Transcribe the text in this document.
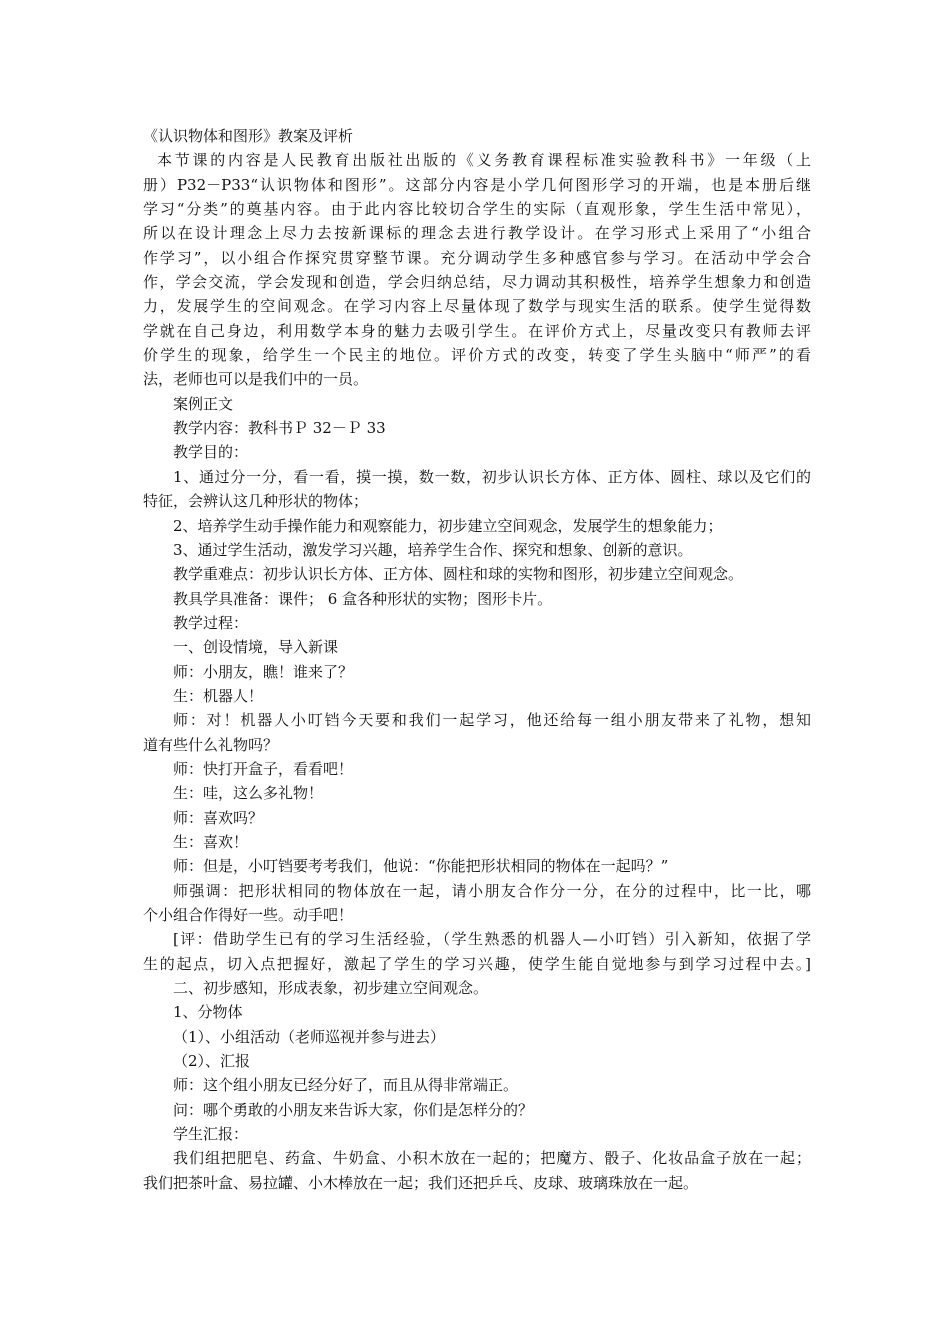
《认识物体和图形》教案及评析
本节课的内容是人民教育出版社出版的《义务教育课程标准实验教科书》一年级（上
册）P32－P33“认识物体和图形”。这部分内容是小学几何图形学习的开端，也是本册后继
学习“分类”的奠基内容。由于此内容比较切合学生的实际（直观形象，学生生活中常见），
所以在设计理念上尽力去按新课标的理念去进行教学设计。在学习形式上采用了“小组合
作学习”，以小组合作探究贯穿整节课。充分调动学生多种感官参与学习。在活动中学会合
作，学会交流，学会发现和创造，学会归纳总结，尽力调动其积极性，培养学生想象力和创造
力，发展学生的空间观念。在学习内容上尽量体现了数学与现实生活的联系。使学生觉得数
学就在自己身边，利用数学本身的魅力去吸引学生。在评价方式上，尽量改变只有教师去评
价学生的现象，给学生一个民主的地位。评价方式的改变，转变了学生头脑中“师严”的看
法，老师也可以是我们中的一员。
案例正文
教学内容：教科书Ｐ 32－Ｐ 33
教学目的：
1、通过分一分，看一看，摸一摸，数一数，初步认识长方体、正方体、圆柱、球以及它们的
特征，会辨认这几种形状的物体；
2、培养学生动手操作能力和观察能力，初步建立空间观念，发展学生的想象能力；
3、通过学生活动，激发学习兴趣，培养学生合作、探究和想象、创新的意识。
教学重难点：初步认识长方体、正方体、圆柱和球的实物和图形，初步建立空间观念。
教具学具准备：课件； 6 盒各种形状的实物；图形卡片。
教学过程：
一、创设情境，导入新课
师：小朋友，瞧！谁来了？
生：机器人！
师：对！机器人小叮铛今天要和我们一起学习，他还给每一组小朋友带来了礼物，想知
道有些什么礼物吗？
师：快打开盒子，看看吧！
生：哇，这么多礼物！
师：喜欢吗？
生：喜欢！
师：但是，小叮铛要考考我们，他说：“你能把形状相同的物体在一起吗？”
师强调：把形状相同的物体放在一起，请小朋友合作分一分，在分的过程中，比一比，哪
个小组合作得好一些。动手吧！
[评：借助学生已有的学习生活经验，（学生熟悉的机器人—小叮铛）引入新知，依据了学
生的起点，切入点把握好，激起了学生的学习兴趣，使学生能自觉地参与到学习过程中去。]
二、初步感知，形成表象，初步建立空间观念。
1、分物体
（1）、小组活动（老师巡视并参与进去）
（2）、汇报
师：这个组小朋友已经分好了，而且从得非常端正。
问：哪个勇敢的小朋友来告诉大家，你们是怎样分的？
学生汇报：
我们组把肥皂、药盒、牛奶盒、小积木放在一起的；把魔方、骰子、化妆品盒子放在一起；
我们把茶叶盒、易拉罐、小木棒放在一起；我们还把乒乓、皮球、玻璃珠放在一起。
